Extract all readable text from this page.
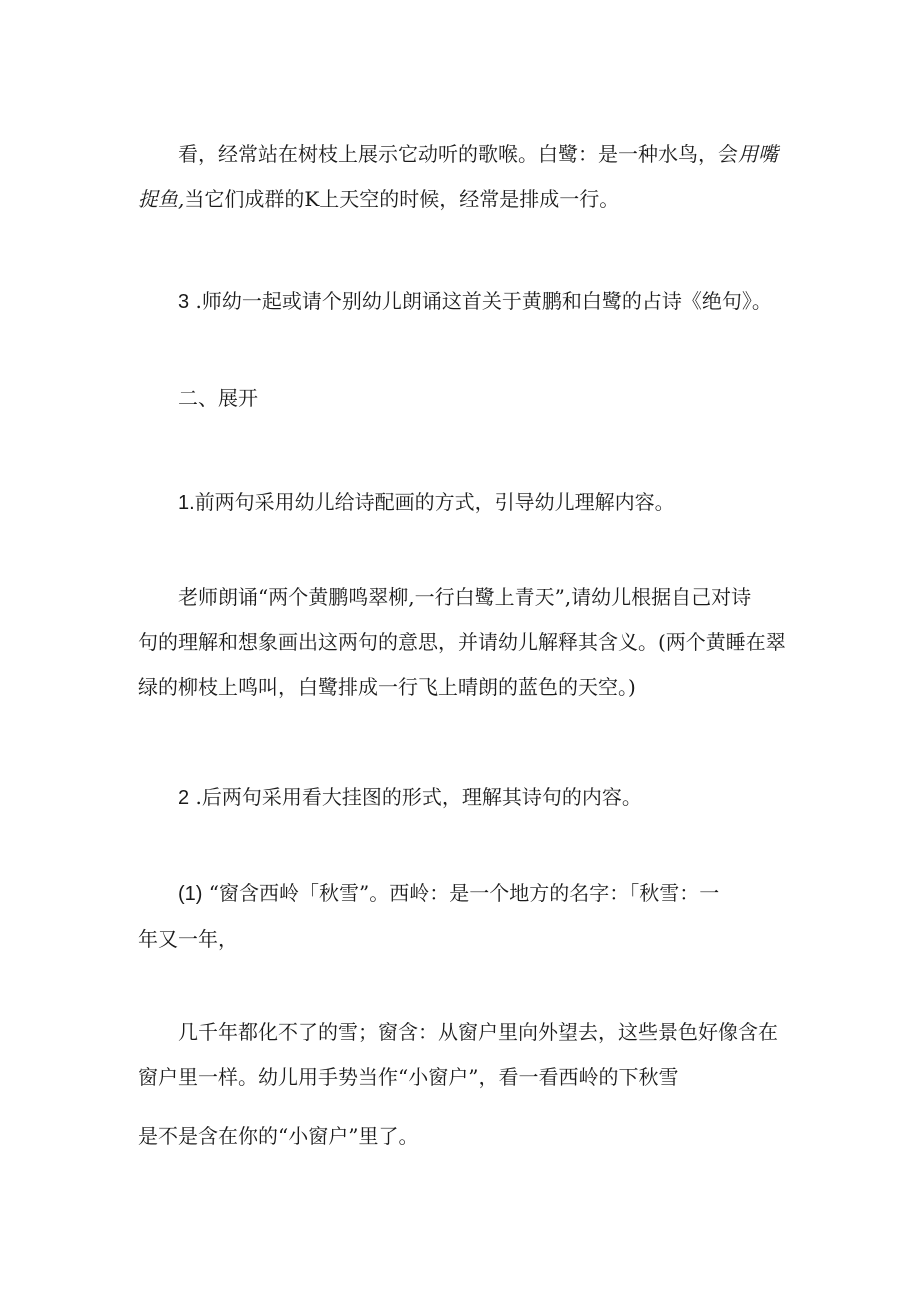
看，经常站在树枝上展示它动听的歌喉。白鹭：是一种水鸟，会用嘴
捉鱼,当它们成群的K上天空的时候，经常是排成一行。

3 .师幼一起或请个别幼儿朗诵这首关于黄鹏和白鹭的占诗《绝句》。

二、展开

1.前两句采用幼儿给诗配画的方式，引导幼儿理解内容。

老师朗诵“两个黄鹏鸣翠柳,一行白鹭上青天”,请幼儿根据自己对诗
句的理解和想象画出这两句的意思，并请幼儿解释其含义。(两个黄睡在翠
绿的柳枝上鸣叫，白鹭排成一行飞上晴朗的蓝色的天空。)

2 .后两句采用看大挂图的形式，理解其诗句的内容。

(1) “窗含西岭「秋雪”。西岭：是一个地方的名字：「秋雪：一
年又一年，

几千年都化不了的雪；窗含：从窗户里向外望去，这些景色好像含在
窗户里一样。幼儿用手势当作“小窗户”，看一看西岭的下秋雪

是不是含在你的“小窗户”里了。
